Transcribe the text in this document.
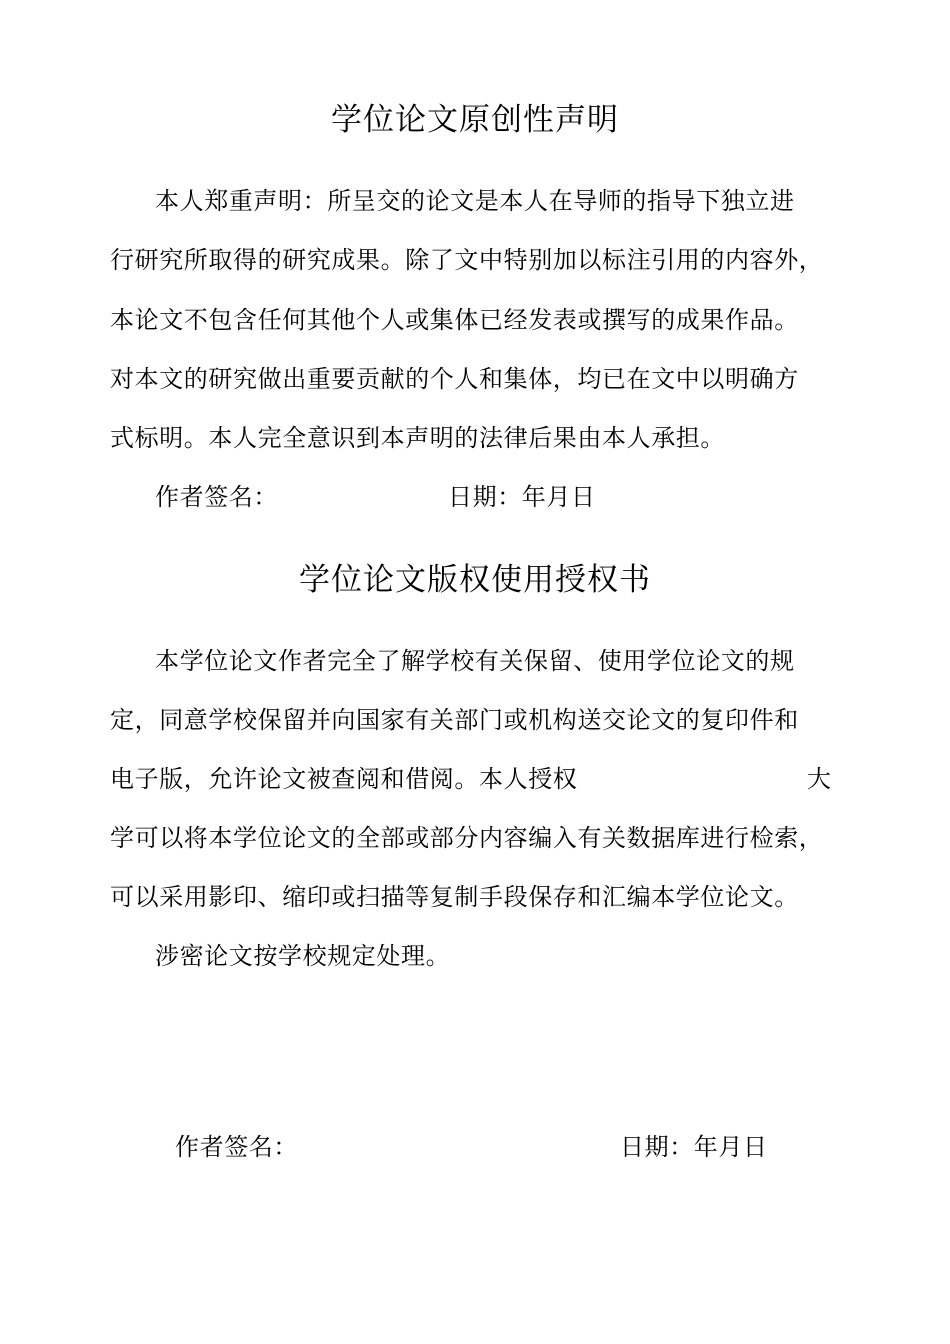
学位论文原创性声明
本人郑重声明：所呈交的论文是本人在导师的指导下独立进
行研究所取得的研究成果。除了文中特别加以标注引用的内容外，
本论文不包含任何其他个人或集体已经发表或撰写的成果作品。
对本文的研究做出重要贡献的个人和集体，均已在文中以明确方
式标明。本人完全意识到本声明的法律后果由本人承担。
作者签名：	日期：年月日
学位论文版权使用授权书
本学位论文作者完全了解学校有关保留、使用学位论文的规
定，同意学校保留并向国家有关部门或机构送交论文的复印件和
电子版，允许论文被查阅和借阅。本人授权	大
学可以将本学位论文的全部或部分内容编入有关数据库进行检索，
可以采用影印、缩印或扫描等复制手段保存和汇编本学位论文。
涉密论文按学校规定处理。
作者签名：	日期：年月日
